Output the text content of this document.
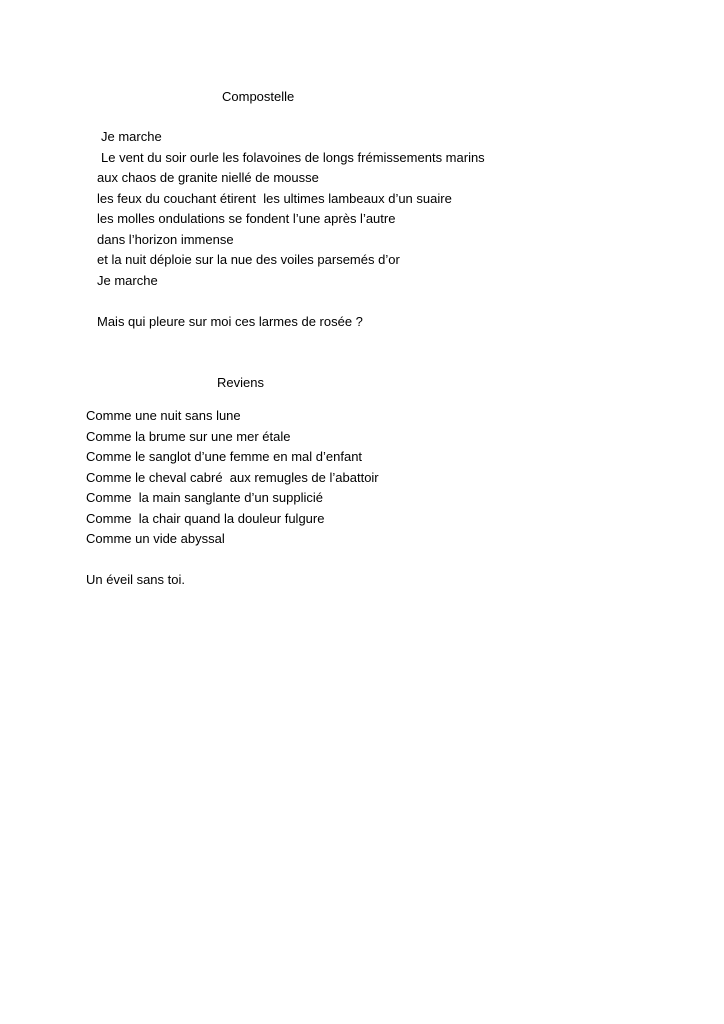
Compostelle
Je marche
Le vent du soir ourle les folavoines de longs frémissements marins
aux chaos de granite niellé de mousse
les feux du couchant étirent  les ultimes lambeaux d’un suaire
les molles ondulations se fondent l’une après l’autre
dans l’horizon immense
et la nuit déploie sur la nue des voiles parsemés d’or
Je marche
Mais qui pleure sur moi ces larmes de rosée ?
Reviens
Comme une nuit sans lune
Comme la brume sur une mer étale
Comme le sanglot d’une femme en mal d’enfant
Comme le cheval cabré  aux remugles de l’abattoir
Comme  la main sanglante d’un supplicié
Comme  la chair quand la douleur fulgure
Comme un vide abyssal
Un éveil sans toi.
